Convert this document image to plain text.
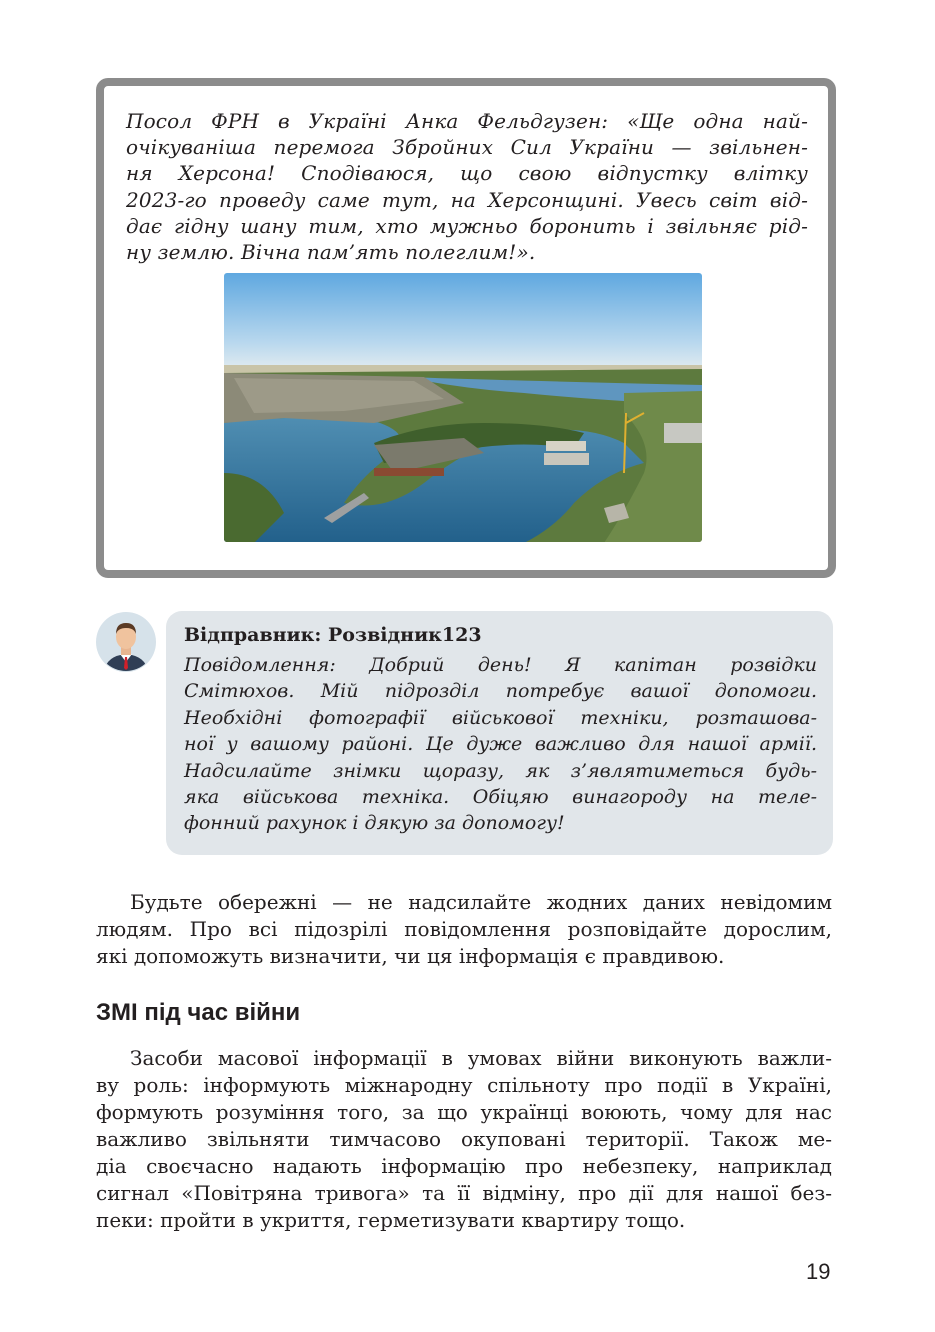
Посол ФРН в Україні Анка Фельдгузен: «Ще одна най-
очікуваніша перемога Збройних Сил України — звільнен-
ня Херсона! Сподіваюся, що свою відпустку влітку
2023-го проведу саме тут, на Херсонщині. Увесь світ від-
дає гідну шану тим, хто мужньо боронить і звільняє рід-
ну землю. Вічна пам’ять полеглим!».

Відправник: Розвідник123

Повідомлення: Добрий день! Я капітан розвідки
Смітюхов. Мій підрозділ потребує вашої допомоги.
Необхідні фотографії військової техніки, розташова-
ної у вашому районі. Це дуже важливо для нашої армії.
Надсилайте знімки щоразу, як з’являтиметься будь-
яка військова техніка. Обіцяю винагороду на теле-
фонний рахунок і дякую за допомогу!

Будьте обережні — не надсилайте жодних даних невідомим
людям. Про всі підозрілі повідомлення розповідайте дорослим,
які допоможуть визначити, чи ця інформація є правдивою.

ЗМІ під час війни

Засоби масової інформації в умовах війни виконують важли-
ву роль: інформують міжнародну спільноту про події в Україні,
формують розуміння того, за що українці воюють, чому для нас
важливо звільняти тимчасово окуповані території. Також ме-
діа своєчасно надають інформацію про небезпеку, наприклад
сигнал «Повітряна тривога» та її відміну, про дії для нашої без-
пеки: пройти в укриття, герметизувати квартиру тощо.

19
